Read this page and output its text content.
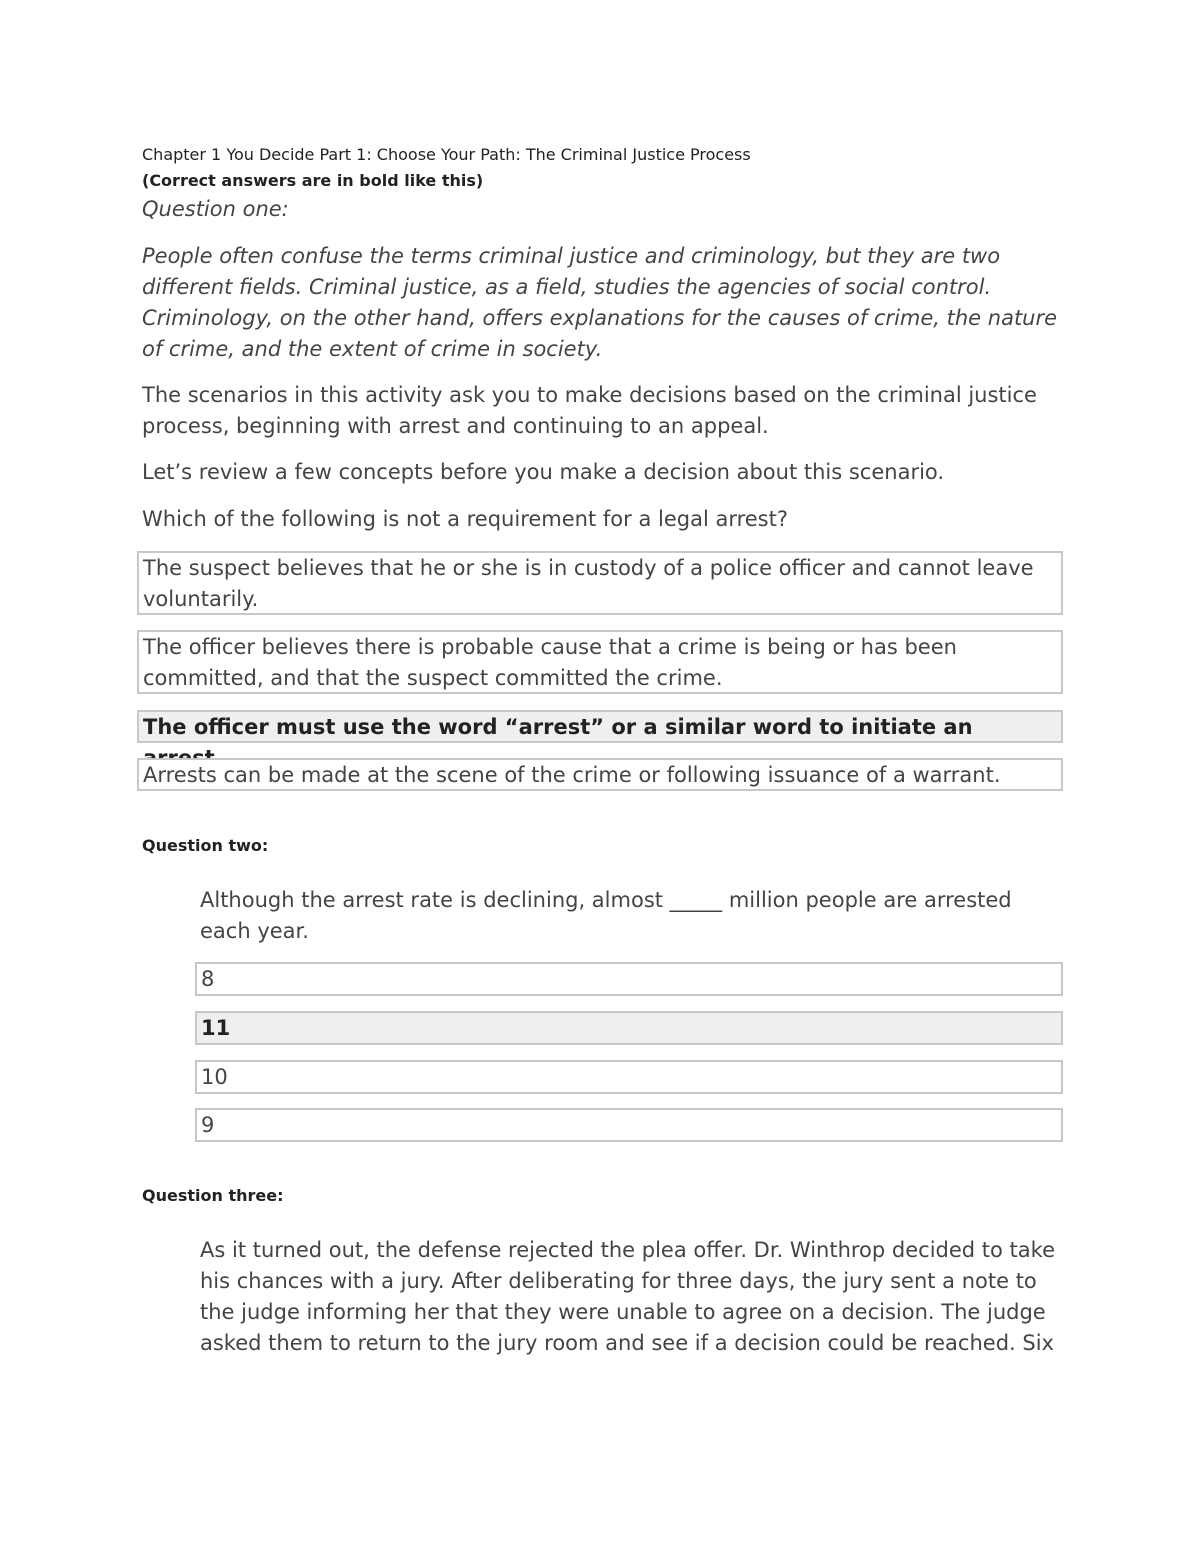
Chapter 1 You Decide Part 1: Choose Your Path: The Criminal Justice Process
(Correct answers are in bold like this)
Question one:
People often confuse the terms criminal justice and criminology, but they are two different fields. Criminal justice, as a field, studies the agencies of social control. Criminology, on the other hand, offers explanations for the causes of crime, the nature of crime, and the extent of crime in society.
The scenarios in this activity ask you to make decisions based on the criminal justice process, beginning with arrest and continuing to an appeal.
Let’s review a few concepts before you make a decision about this scenario.
Which of the following is not a requirement for a legal arrest?
The suspect believes that he or she is in custody of a police officer and cannot leave voluntarily.
The officer believes there is probable cause that a crime is being or has been committed, and that the suspect committed the crime.
The officer must use the word “arrest” or a similar word to initiate an
Arrests can be made at the scene of the crime or following issuance of a warrant.
Question two:
Although the arrest rate is declining, almost _____ million people are arrested each year.
8
11
10
9
Question three:
As it turned out, the defense rejected the plea offer. Dr. Winthrop decided to take his chances with a jury. After deliberating for three days, the jury sent a note to the judge informing her that they were unable to agree on a decision. The judge asked them to return to the jury room and see if a decision could be reached. Six
